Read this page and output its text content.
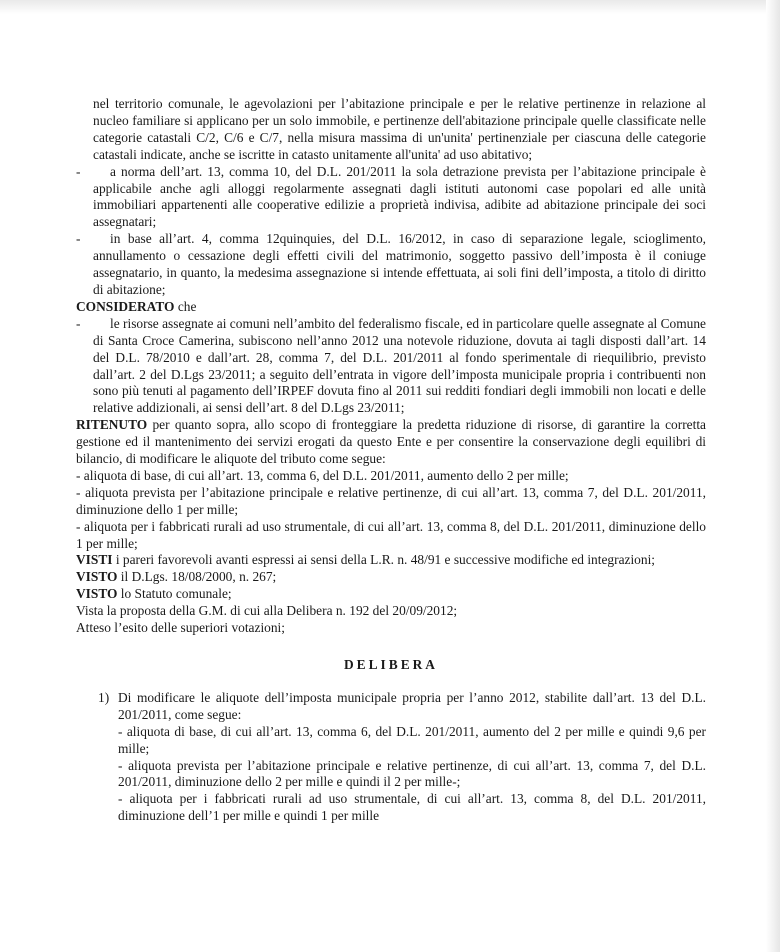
nel territorio comunale, le agevolazioni per l’abitazione principale e per le relative pertinenze in relazione al nucleo familiare si applicano per un solo immobile, e pertinenze dell'abitazione principale quelle classificate nelle categorie catastali C/2, C/6 e C/7, nella misura massima di un'unita' pertinenziale per ciascuna delle categorie catastali indicate, anche se iscritte in catasto unitamente all'unita' ad uso abitativo;

- a norma dell’art. 13, comma 10, del D.L. 201/2011 la sola detrazione prevista per l’abitazione principale è applicabile anche agli alloggi regolarmente assegnati dagli istituti autonomi case popolari ed alle unità immobiliari appartenenti alle cooperative edilizie a proprietà indivisa, adibite ad abitazione principale dei soci assegnatari;

- in base all’art. 4, comma 12quinquies, del D.L. 16/2012, in caso di separazione legale, scioglimento, annullamento o cessazione degli effetti civili del matrimonio, soggetto passivo dell’imposta è il coniuge assegnatario, in quanto, la medesima assegnazione si intende effettuata, ai soli fini dell’imposta, a titolo di diritto di abitazione;

CONSIDERATO che

- le risorse assegnate ai comuni nell’ambito del federalismo fiscale, ed in particolare quelle assegnate al Comune di Santa Croce Camerina, subiscono nell’anno 2012 una notevole riduzione, dovuta ai tagli disposti dall’art. 14 del D.L. 78/2010 e dall’art. 28, comma 7, del D.L. 201/2011 al fondo sperimentale di riequilibrio, previsto dall’art. 2 del D.Lgs 23/2011; a seguito dell’entrata in vigore dell’imposta municipale propria i contribuenti non sono più tenuti al pagamento dell’IRPEF dovuta fino al 2011 sui redditi fondiari degli immobili non locati e delle relative addizionali, ai sensi dell’art. 8 del D.Lgs 23/2011;

RITENUTO per quanto sopra, allo scopo di fronteggiare la predetta riduzione di risorse, di garantire la corretta gestione ed il mantenimento dei servizi erogati da questo Ente e per consentire la conservazione degli equilibri di bilancio, di modificare le aliquote del tributo come segue:

- aliquota di base, di cui all’art. 13, comma 6, del D.L. 201/2011, aumento dello 2 per mille;

- aliquota prevista per l’abitazione principale e relative pertinenze, di cui all’art. 13, comma 7, del D.L. 201/2011, diminuzione dello 1 per mille;

- aliquota per i fabbricati rurali ad uso strumentale, di cui all’art. 13, comma 8, del D.L. 201/2011, diminuzione dello 1 per mille;

VISTI i pareri favorevoli avanti espressi ai sensi della L.R. n. 48/91 e successive modifiche ed integrazioni;

VISTO il D.Lgs. 18/08/2000, n. 267;

VISTO lo Statuto comunale;

Vista la proposta della G.M. di cui alla Delibera n. 192 del 20/09/2012;

Atteso l’esito delle superiori votazioni;

DELIBERA
1) Di modificare le aliquote dell’imposta municipale propria per l’anno 2012, stabilite dall’art. 13 del D.L. 201/2011, come segue:

- aliquota di base, di cui all’art. 13, comma 6, del D.L. 201/2011, aumento del 2 per mille e quindi 9,6 per mille;

- aliquota prevista per l’abitazione principale e relative pertinenze, di cui all’art. 13, comma 7, del D.L. 201/2011, diminuzione dello 2 per mille e quindi il 2 per mille-;

- aliquota per i fabbricati rurali ad uso strumentale, di cui all’art. 13, comma 8, del D.L. 201/2011, diminuzione dell’1 per mille e quindi 1 per mille
